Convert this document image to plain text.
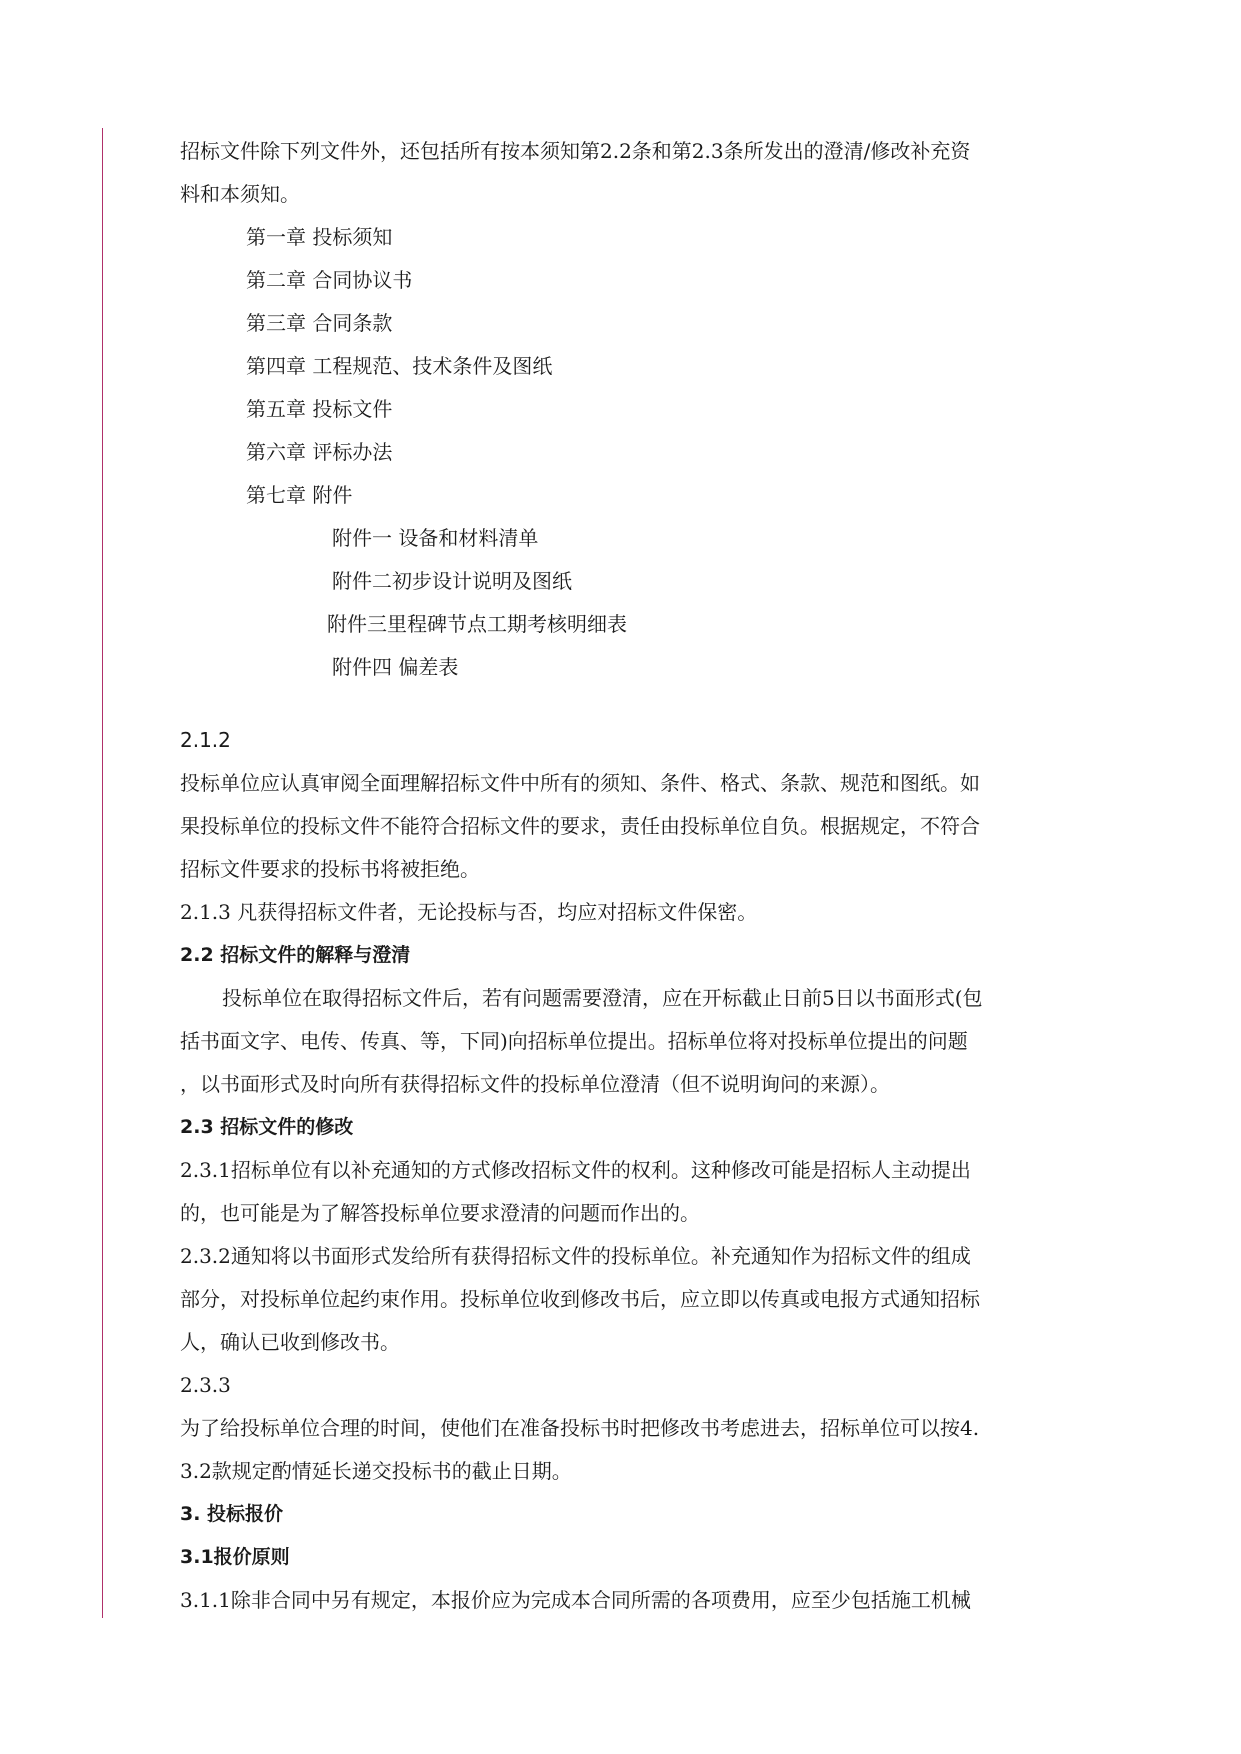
招标文件除下列文件外，还包括所有按本须知第2.2条和第2.3条所发出的澄清/修改补充资

料和本须知。

第一章 投标须知

第二章 合同协议书

第三章 合同条款

第四章 工程规范、技术条件及图纸

第五章 投标文件

第六章 评标办法

第七章 附件

附件一 设备和材料清单

附件二初步设计说明及图纸

附件三里程碑节点工期考核明细表

附件四 偏差表

2.1.2

投标单位应认真审阅全面理解招标文件中所有的须知、条件、格式、条款、规范和图纸。如

果投标单位的投标文件不能符合招标文件的要求，责任由投标单位自负。根据规定，不符合

招标文件要求的投标书将被拒绝。

2.1.3 凡获得招标文件者，无论投标与否，均应对招标文件保密。

2.2 招标文件的解释与澄清

投标单位在取得招标文件后，若有问题需要澄清，应在开标截止日前5日以书面形式(包

括书面文字、电传、传真、等，下同)向招标单位提出。招标单位将对投标单位提出的问题

，以书面形式及时向所有获得招标文件的投标单位澄清（但不说明询问的来源）。

2.3 招标文件的修改

2.3.1招标单位有以补充通知的方式修改招标文件的权利。这种修改可能是招标人主动提出

的，也可能是为了解答投标单位要求澄清的问题而作出的。

2.3.2通知将以书面形式发给所有获得招标文件的投标单位。补充通知作为招标文件的组成

部分，对投标单位起约束作用。投标单位收到修改书后，应立即以传真或电报方式通知招标

人，确认已收到修改书。

2.3.3

为了给投标单位合理的时间，使他们在准备投标书时把修改书考虑进去，招标单位可以按4.

3.2款规定酌情延长递交投标书的截止日期。

3. 投标报价

3.1报价原则

3.1.1除非合同中另有规定，本报价应为完成本合同所需的各项费用，应至少包括施工机械
